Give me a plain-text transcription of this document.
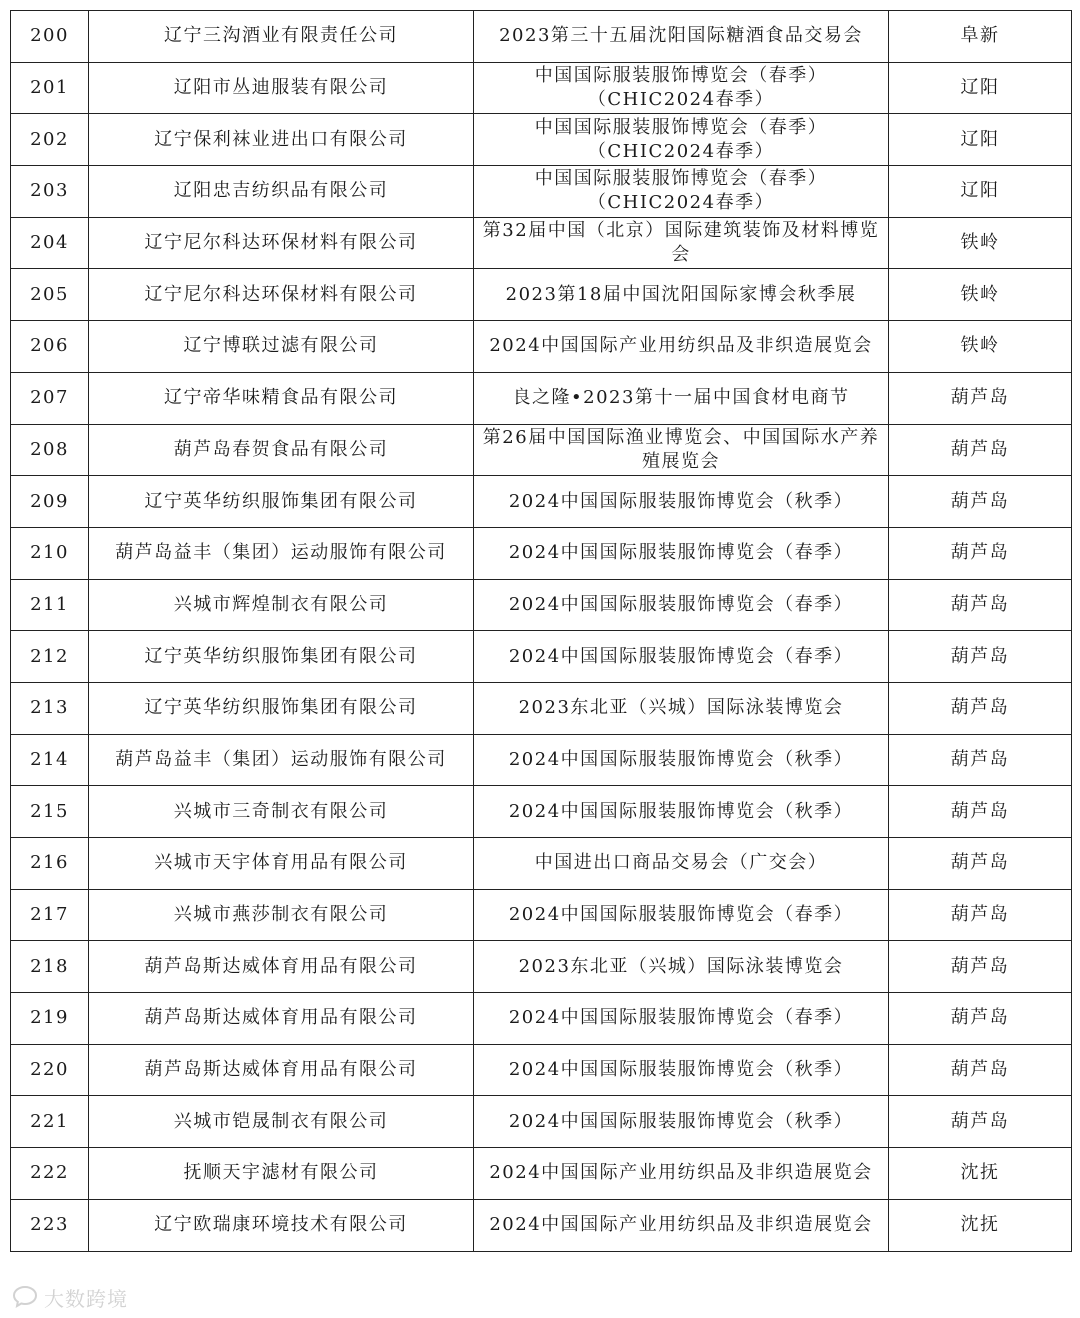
200	辽宁三沟酒业有限责任公司	2023第三十五届沈阳国际糖酒食品交易会	阜新
201	辽阳市丛迪服装有限公司	中国国际服装服饰博览会（春季）（CHIC2024春季）	辽阳
202	辽宁保利袜业进出口有限公司	中国国际服装服饰博览会（春季）（CHIC2024春季）	辽阳
203	辽阳忠吉纺织品有限公司	中国国际服装服饰博览会（春季）（CHIC2024春季）	辽阳
204	辽宁尼尔科达环保材料有限公司	第32届中国（北京）国际建筑装饰及材料博览会	铁岭
205	辽宁尼尔科达环保材料有限公司	2023第18届中国沈阳国际家博会秋季展	铁岭
206	辽宁博联过滤有限公司	2024中国国际产业用纺织品及非织造展览会	铁岭
207	辽宁帝华味精食品有限公司	良之隆•2023第十一届中国食材电商节	葫芦岛
208	葫芦岛春贺食品有限公司	第26届中国国际渔业博览会、中国国际水产养殖展览会	葫芦岛
209	辽宁英华纺织服饰集团有限公司	2024中国国际服装服饰博览会（秋季）	葫芦岛
210	葫芦岛益丰（集团）运动服饰有限公司	2024中国国际服装服饰博览会（春季）	葫芦岛
211	兴城市辉煌制衣有限公司	2024中国国际服装服饰博览会（春季）	葫芦岛
212	辽宁英华纺织服饰集团有限公司	2024中国国际服装服饰博览会（春季）	葫芦岛
213	辽宁英华纺织服饰集团有限公司	2023东北亚（兴城）国际泳装博览会	葫芦岛
214	葫芦岛益丰（集团）运动服饰有限公司	2024中国国际服装服饰博览会（秋季）	葫芦岛
215	兴城市三奇制衣有限公司	2024中国国际服装服饰博览会（秋季）	葫芦岛
216	兴城市天宇体育用品有限公司	中国进出口商品交易会（广交会）	葫芦岛
217	兴城市燕莎制衣有限公司	2024中国国际服装服饰博览会（春季）	葫芦岛
218	葫芦岛斯达威体育用品有限公司	2023东北亚（兴城）国际泳装博览会	葫芦岛
219	葫芦岛斯达威体育用品有限公司	2024中国国际服装服饰博览会（春季）	葫芦岛
220	葫芦岛斯达威体育用品有限公司	2024中国国际服装服饰博览会（秋季）	葫芦岛
221	兴城市铠晟制衣有限公司	2024中国国际服装服饰博览会（秋季）	葫芦岛
222	抚顺天宇滤材有限公司	2024中国国际产业用纺织品及非织造展览会	沈抚
223	辽宁欧瑞康环境技术有限公司	2024中国国际产业用纺织品及非织造展览会	沈抚
大数跨境
